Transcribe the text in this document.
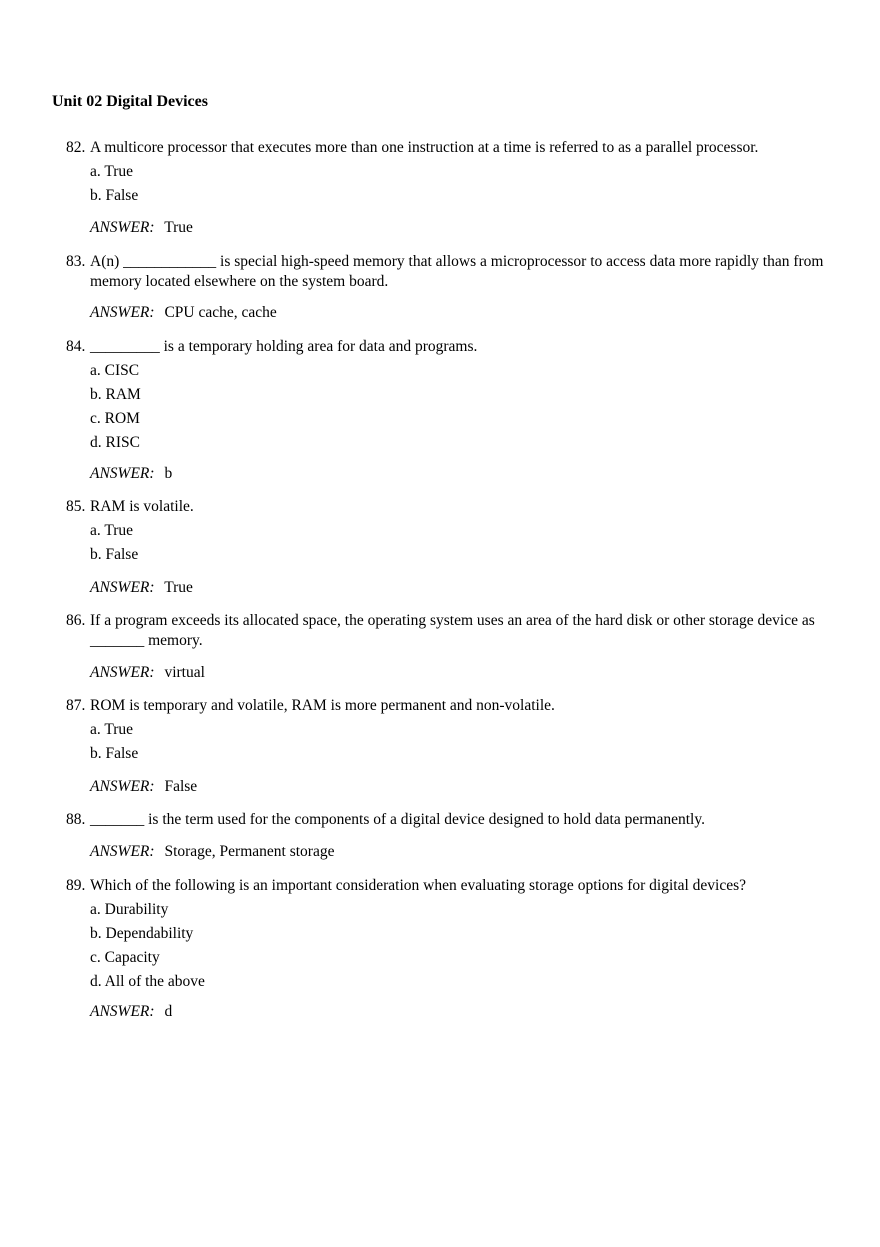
Unit 02 Digital Devices
82. A multicore processor that executes more than one instruction at a time is referred to as a parallel processor.
a. True
b. False
ANSWER: True
83. A(n) ____________ is special high-speed memory that allows a microprocessor to access data more rapidly than from memory located elsewhere on the system board.
ANSWER: CPU cache, cache
84. _________ is a temporary holding area for data and programs.
a. CISC
b. RAM
c. ROM
d. RISC
ANSWER: b
85. RAM is volatile.
a. True
b. False
ANSWER: True
86. If a program exceeds its allocated space, the operating system uses an area of the hard disk or other storage device as _______ memory.
ANSWER: virtual
87. ROM is temporary and volatile, RAM is more permanent and non-volatile.
a. True
b. False
ANSWER: False
88. _______ is the term used for the components of a digital device designed to hold data permanently.
ANSWER: Storage, Permanent storage
89. Which of the following is an important consideration when evaluating storage options for digital devices?
a. Durability
b. Dependability
c. Capacity
d. All of the above
ANSWER: d
